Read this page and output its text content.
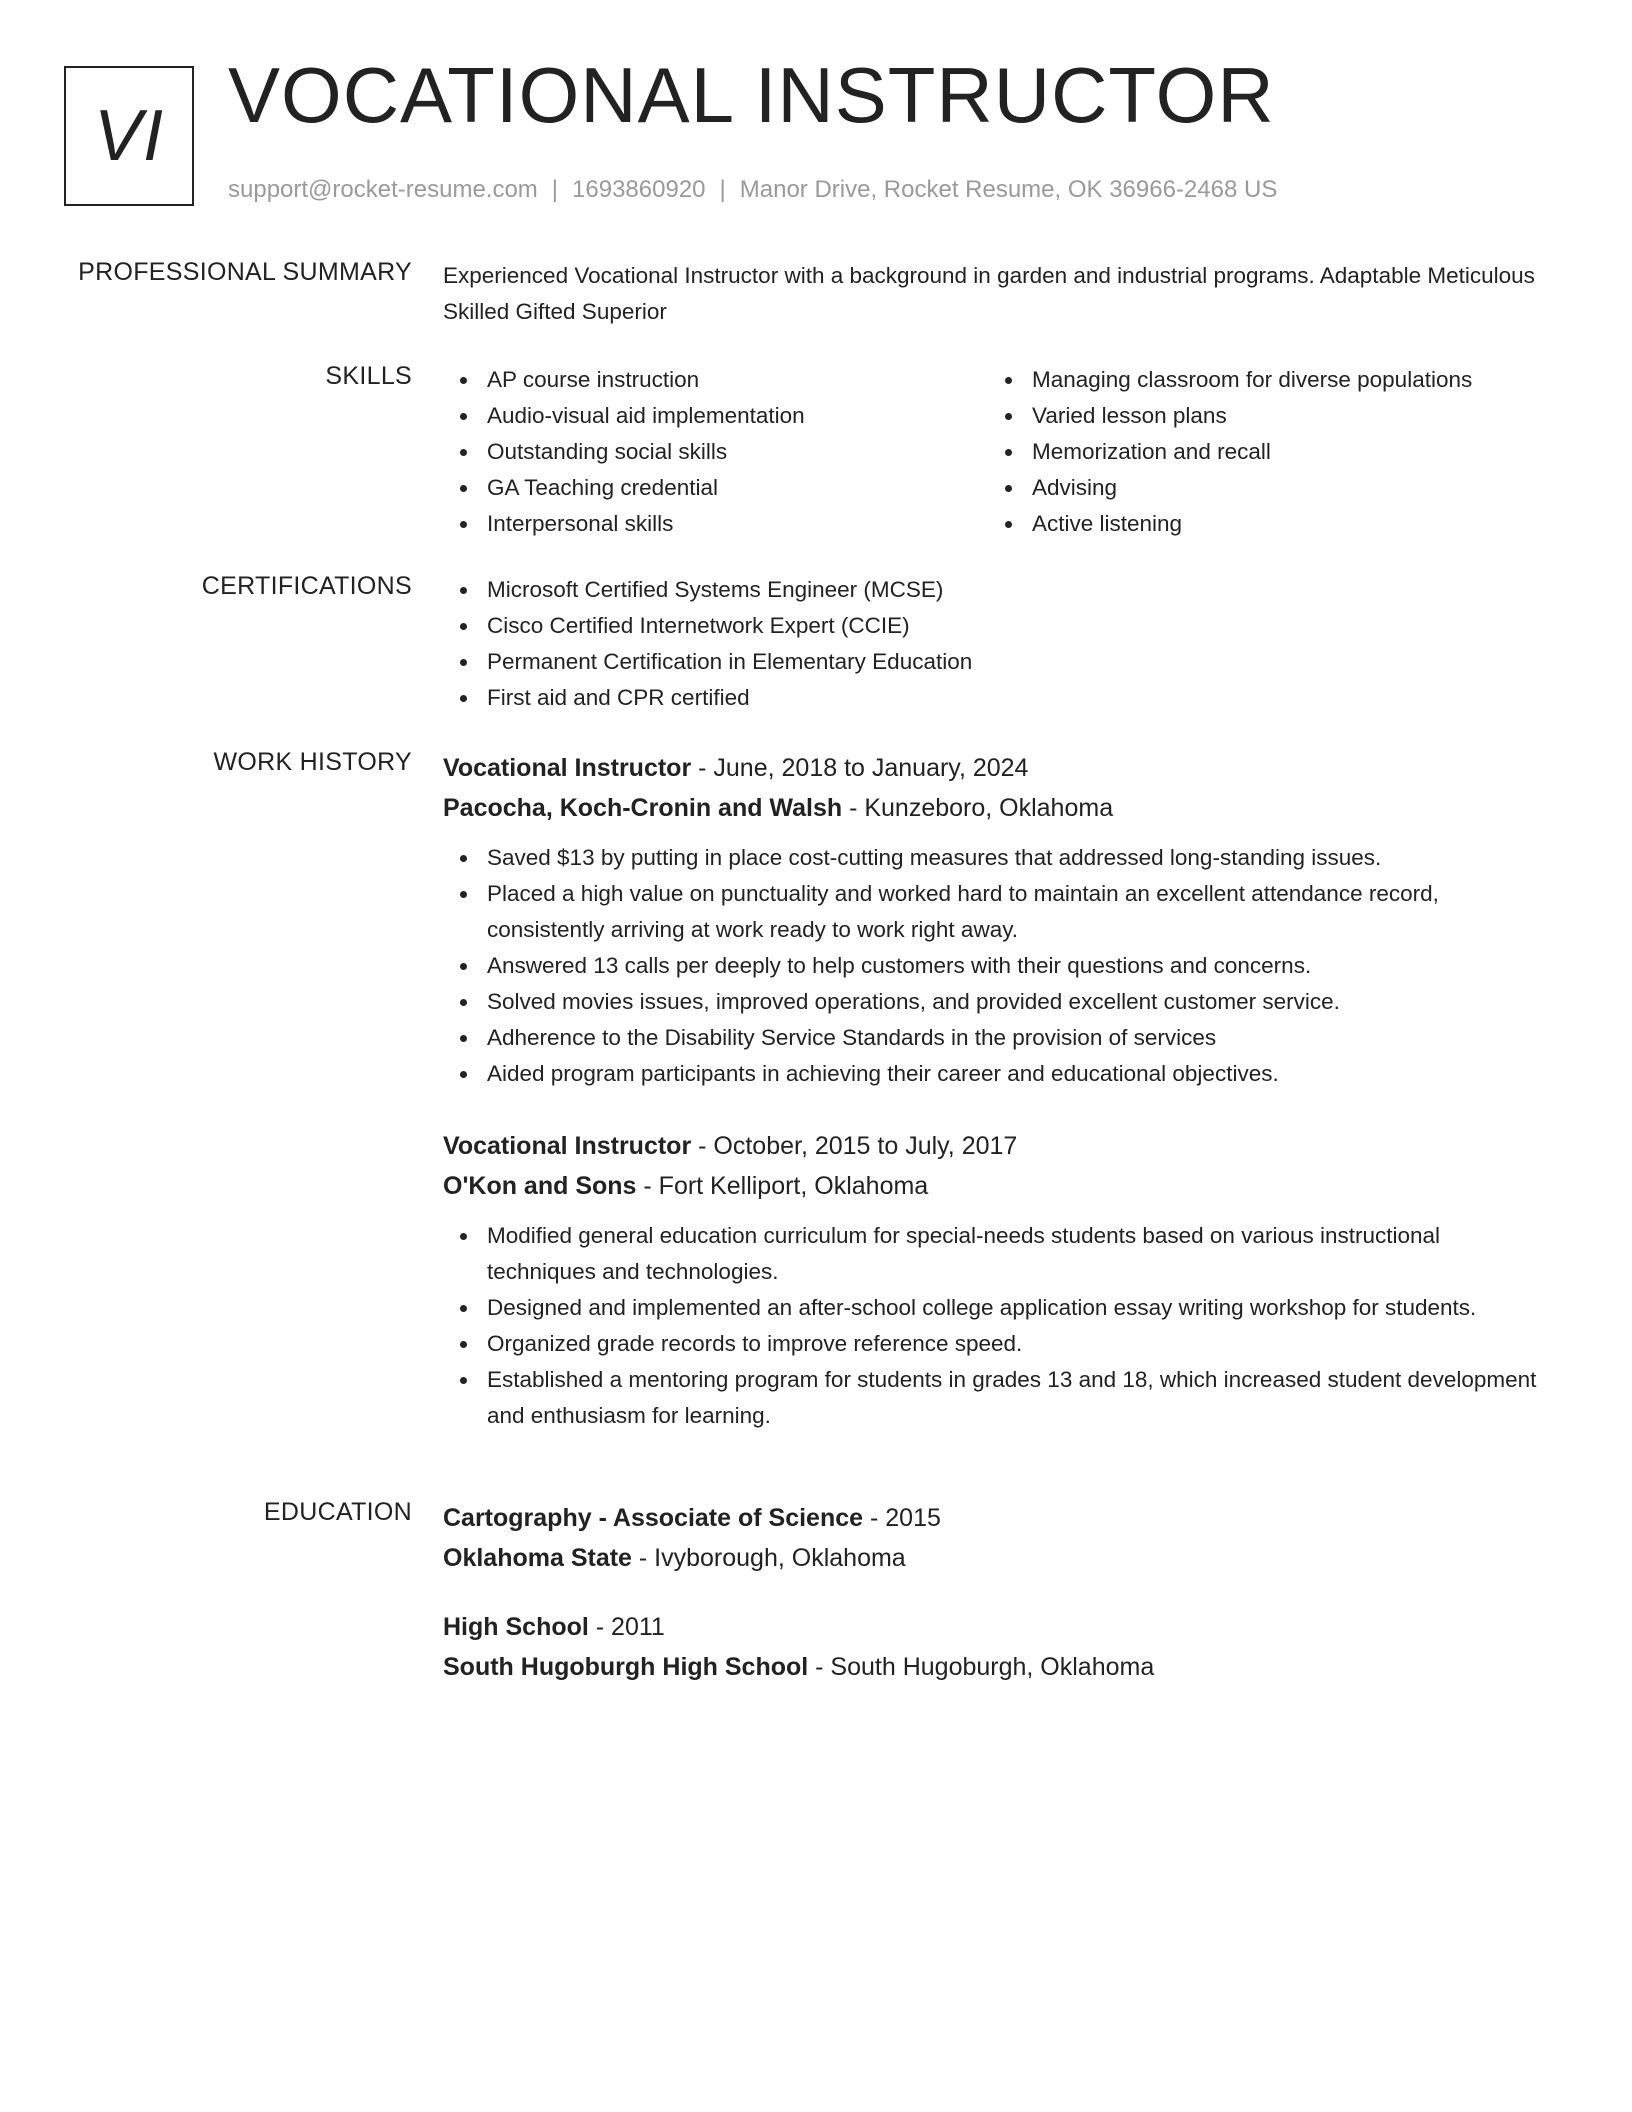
VI VOCATIONAL INSTRUCTOR
support@rocket-resume.com | 1693860920 | Manor Drive, Rocket Resume, OK 36966-2468 US
PROFESSIONAL SUMMARY Experienced Vocational Instructor with a background in garden and industrial programs. Adaptable Meticulous Skilled Gifted Superior

SKILLS	AP course instruction
Audio-visual aid implementation
Outstanding social skills
GA Teaching credential
Interpersonal skills
Managing classroom for diverse populations
Varied lesson plans
Memorization and recall
Advising
Active listening
CERTIFICATIONS	Microsoft Certified Systems Engineer (MCSE)
Cisco Certified Internetwork Expert (CCIE)
Permanent Certification in Elementary Education
First aid and CPR certified
WORK HISTORY Vocational Instructor - June, 2018 to January, 2024
Pacocha, Koch-Cronin and Walsh - Kunzeboro, Oklahoma
Saved $13 by putting in place cost-cutting measures that addressed long-standing issues.
Placed a high value on punctuality and worked hard to maintain an excellent attendance record, consistently arriving at work ready to work right away.
Answered 13 calls per deeply to help customers with their questions and concerns.
Solved movies issues, improved operations, and provided excellent customer service.
Adherence to the Disability Service Standards in the provision of services
Aided program participants in achieving their career and educational objectives.
Vocational Instructor - October, 2015 to July, 2017
O'Kon and Sons - Fort Kelliport, Oklahoma
Modified general education curriculum for special-needs students based on various instructional techniques and technologies.
Designed and implemented an after-school college application essay writing workshop for students.
Organized grade records to improve reference speed.
Established a mentoring program for students in grades 13 and 18, which increased student development and enthusiasm for learning.
EDUCATION Cartography - Associate of Science - 2015
Oklahoma State - Ivyborough, Oklahoma
High School - 2011
South Hugoburgh High School - South Hugoburgh, Oklahoma
